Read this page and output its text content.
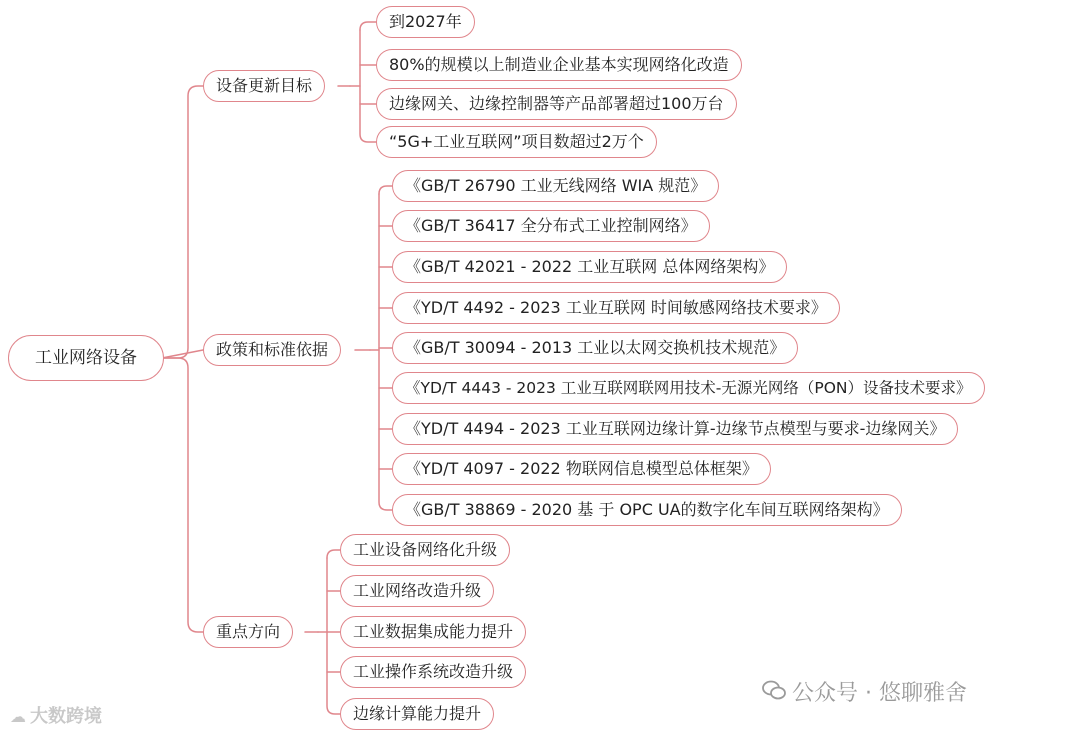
工业网络设备
设备更新目标
到2027年
80%的规模以上制造业企业基本实现网络化改造
边缘网关、边缘控制器等产品部署超过100万台
“5G+工业互联网”项目数超过2万个
政策和标准依据
《GB/T 26790 工业无线网络 WIA 规范》
《GB/T 36417 全分布式工业控制网络》
《GB/T 42021 - 2022 工业互联网 总体网络架构》
《YD/T 4492 - 2023 工业互联网 时间敏感网络技术要求》
《GB/T 30094 - 2013 工业以太网交换机技术规范》
《YD/T 4443 - 2023 工业互联网联网用技术-无源光网络（PON）设备技术要求》
《YD/T 4494 - 2023 工业互联网边缘计算-边缘节点模型与要求-边缘网关》
《YD/T 4097 - 2022 物联网信息模型总体框架》
《GB/T 38869 - 2020 基 于 OPC UA的数字化车间互联网络架构》
重点方向
工业设备网络化升级
工业网络改造升级
工业数据集成能力提升
工业操作系统改造升级
边缘计算能力提升
☁ 大数跨境
公众号 · 悠聊雅舍
